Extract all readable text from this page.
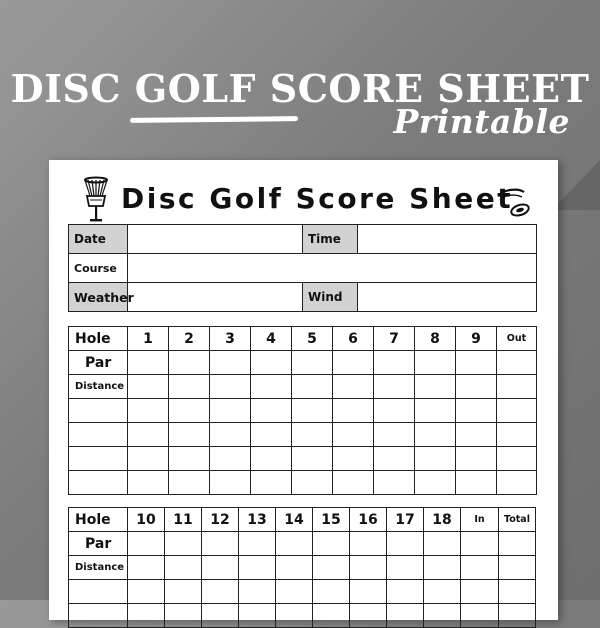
DISC GOLF SCORE SHEET
Printable
Disc Golf Score Sheet
Date		Time	
Course			
Weather		Wind	
Hole	1	2	3	4	5	6	7	8	9	Out
Par										
Distance										

Hole	10	11	12	13	14	15	16	17	18	In	Total
Par											
Distance											
